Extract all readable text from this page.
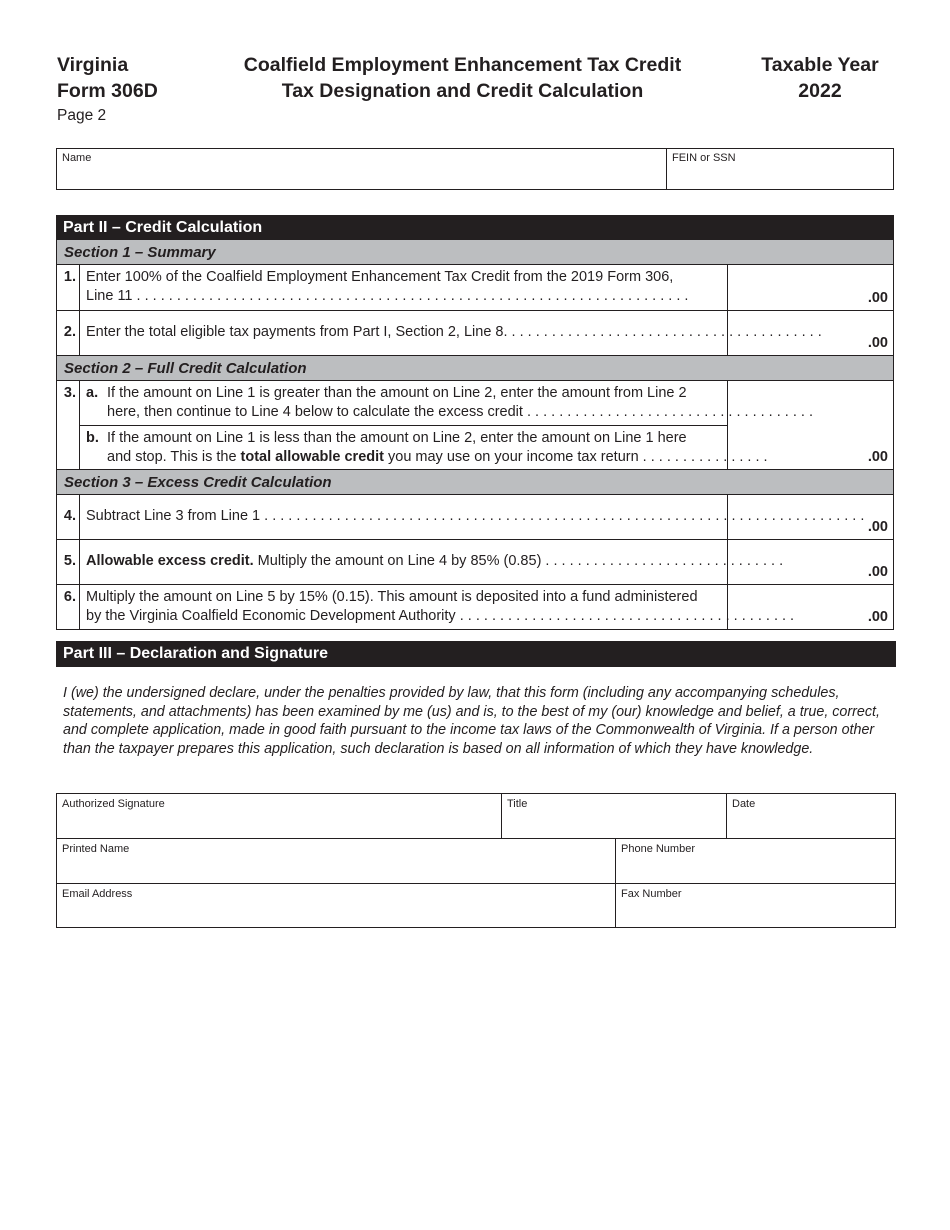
Virginia
Form 306D
Coalfield Employment Enhancement Tax Credit
Tax Designation and Credit Calculation
Taxable Year
2022
Page 2
Name	FEIN or SSN
Part II – Credit Calculation
Section 1 – Summary
1. Enter 100% of the Coalfield Employment Enhancement Tax Credit from the 2019 Form 306,
Line 11 . . . . . . . . . . . . . . . . . . . . . . . . . . . . . . . . . . . . . . . . . . . . . . . . . . . . . . . . . . . . . . . . . . . . .	.00
2. Enter the total eligible tax payments from Part I, Section 2, Line 8. . . . . . . . . . . . . . . . . . . . . . . . . . . . . . . . . . . . . . . .
.00
Section 2 – Full Credit Calculation
3. a. If the amount on Line 1 is greater than the amount on Line 2, enter the amount from Line 2
here, then continue to Line 4 below to calculate the excess credit . . . . . . . . . . . . . . . . . . . . . . . . . . . . . . . . . . . .
b. If the amount on Line 1 is less than the amount on Line 2, enter the amount on Line 1 here
and stop. This is the total allowable credit you may use on your income tax return . . . . . . . . . . . . . . . .	.00
Section 3 – Excess Credit Calculation
4. Subtract Line 3 from Line 1 . . . . . . . . . . . . . . . . . . . . . . . . . . . . . . . . . . . . . . . . . . . . . . . . . . . . . . . . . . . . . . . . . . . . . . . . . . .
.00
5. Allowable excess credit. Multiply the amount on Line 4 by 85% (0.85) . . . . . . . . . . . . . . . . . . . . . . . . . . . . . .
.00
6. Multiply the amount on Line 5 by 15% (0.15). This amount is deposited into a fund administered
by the Virginia Coalfield Economic Development Authority . . . . . . . . . . . . . . . . . . . . . . . . . . . . . . . . . . . . . . . . . .	.00
Part III – Declaration and Signature
I (we) the undersigned declare, under the penalties provided by law, that this form (including any accompanying schedules, statements, and attachments) has been examined by me (us) and is, to the best of my (our) knowledge and belief, a true, correct, and complete application, made in good faith pursuant to the income tax laws of the Commonwealth of Virginia. If a person other than the taxpayer prepares this application, such declaration is based on all information of which they have knowledge.
Authorized Signature	Title	Date
Printed Name	Phone Number
Email Address	Fax Number
